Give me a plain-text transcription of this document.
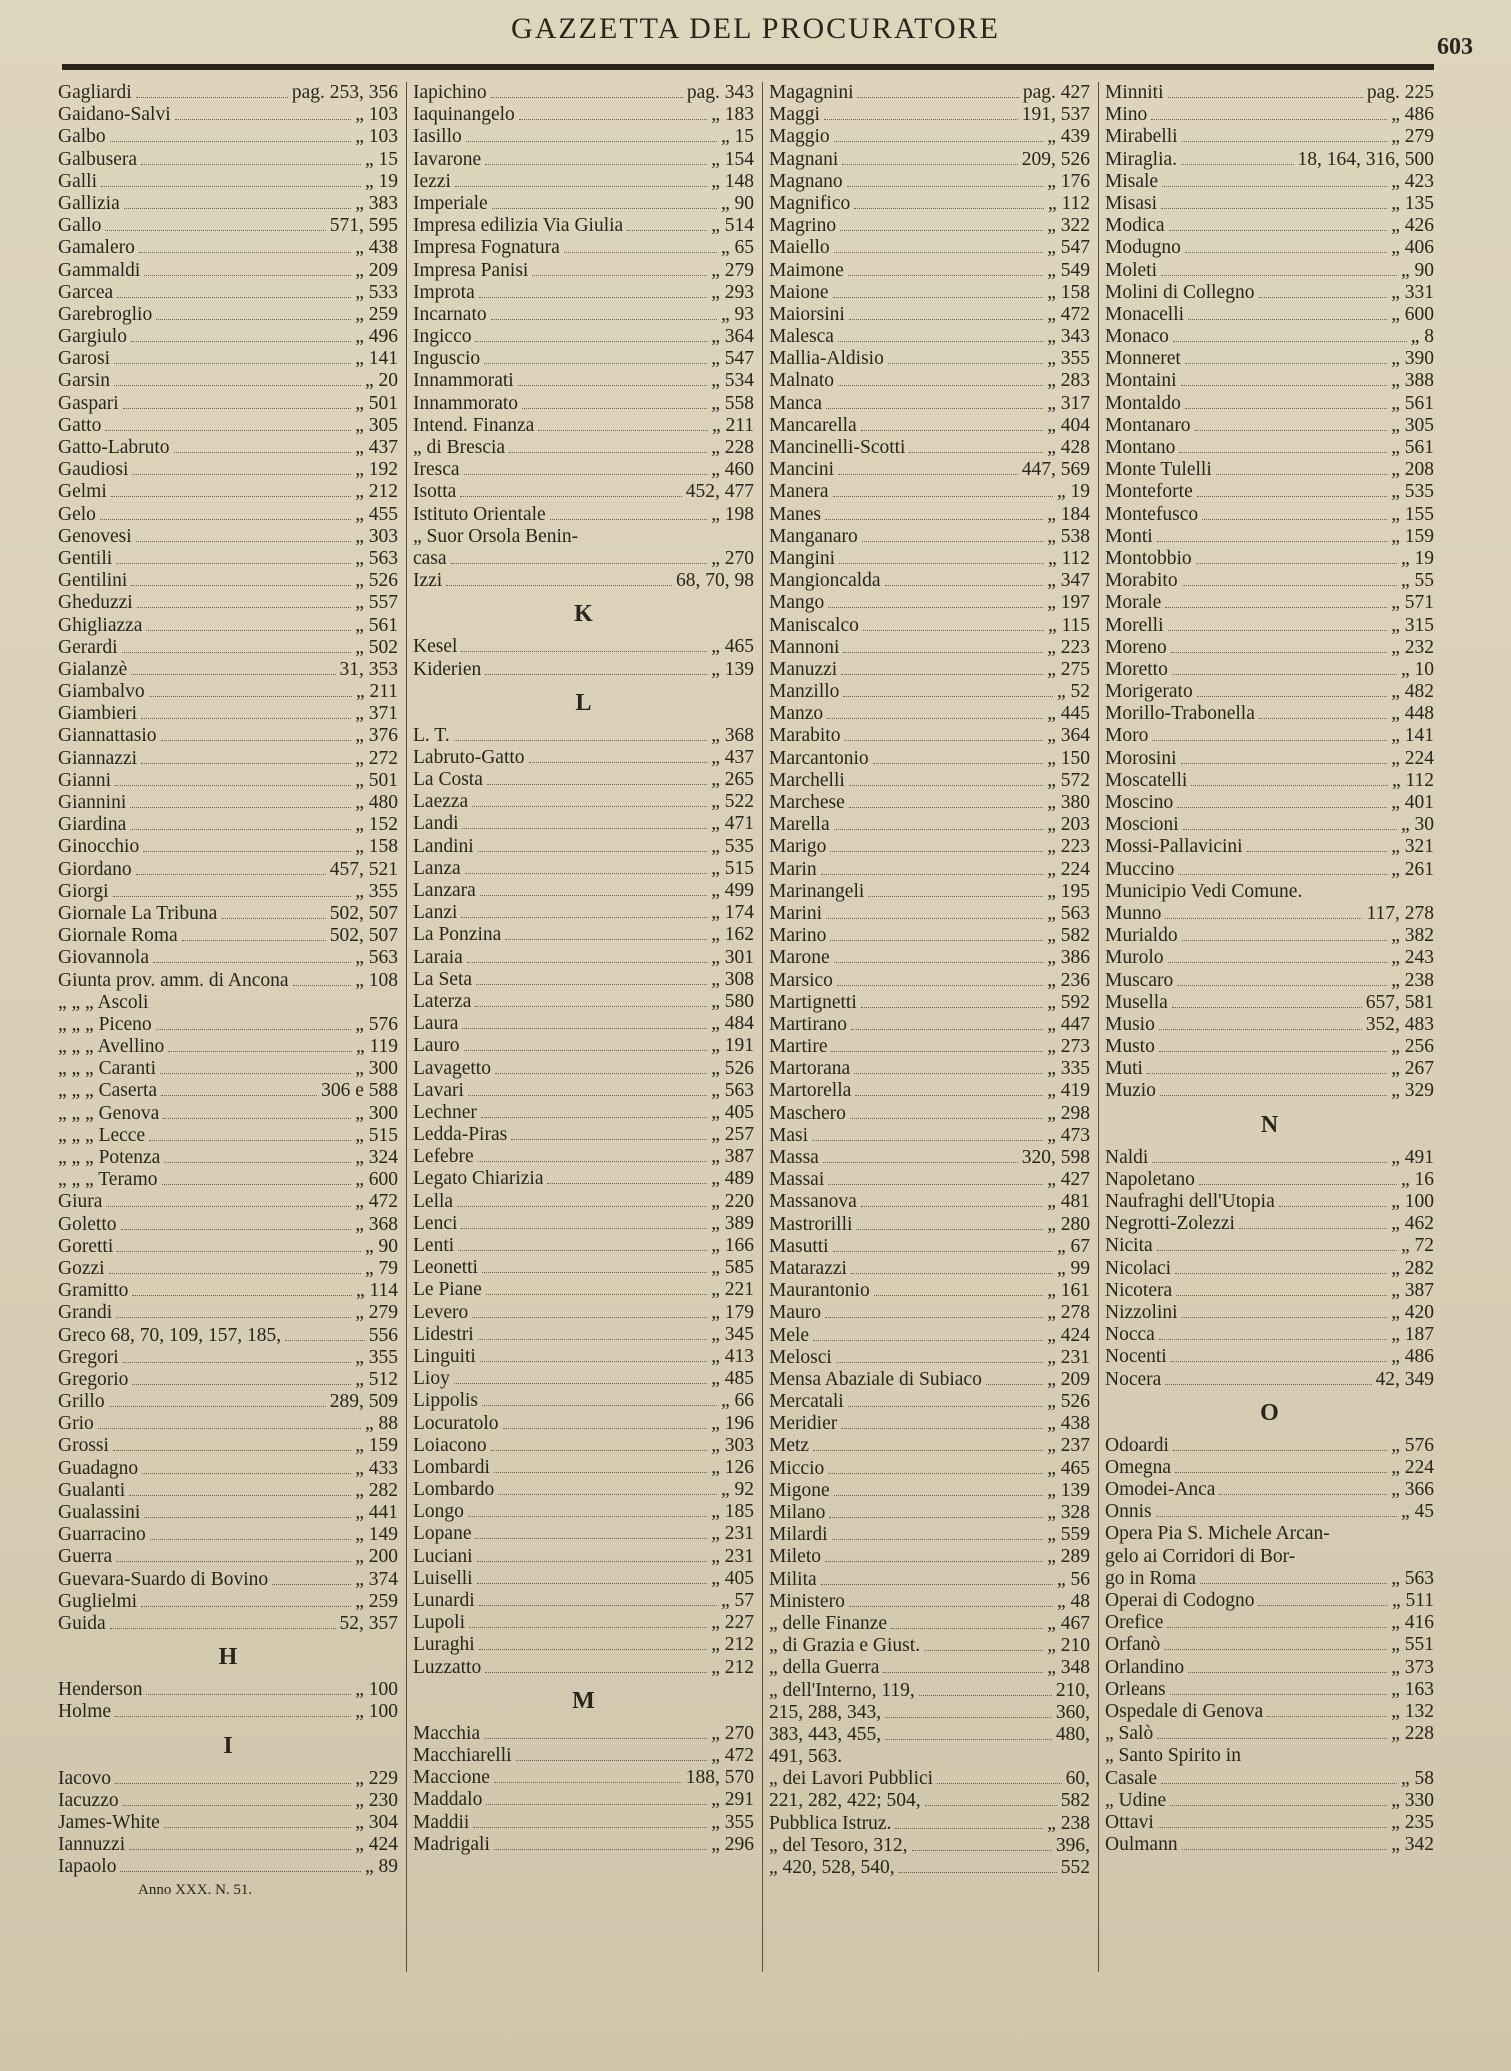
GAZZETTA DEL PROCURATORE
603
Gagliardi	pag. 253, 356
Gaidano-Salvi	„ 103
Galbo	„ 103
Galbusera	„ 15
Galli	„ 19
Gallizia	„ 383
Gallo	571, 595
Gamalero	„ 438
Gammaldi	„ 209
Garcea	„ 533
Garebroglio	„ 259
Gargiulo	„ 496
Garosi	„ 141
Garsin	„ 20
Gaspari	„ 501
Gatto	„ 305
Gatto-Labruto	„ 437
Gaudiosi	„ 192
Gelmi	„ 212
Gelo	„ 455
Genovesi	„ 303
Gentili	„ 563
Gentilini	„ 526
Gheduzzi	„ 557
Ghigliazza	„ 561
Gerardi	„ 502
Gialanzè	31, 353
Giambalvo	„ 211
Giambieri	„ 371
Giannattasio	„ 376
Giannazzi	„ 272
Gianni	„ 501
Giannini	„ 480
Giardina	„ 152
Ginocchio	„ 158
Giordano	457, 521
Giorgi	„ 355
Giornale La Tribuna	502, 507
Giornale Roma	502, 507
Giovannola	„ 563
Giunta prov. amm. di Ancona	„ 108
„ „ „ Ascoli
„ „ „ Piceno	„ 576
„ „ „ Avellino	„ 119
„ „ „ Caranti	„ 300
„ „ „ Caserta	306 e 588
„ „ „ Genova	„ 300
„ „ „ Lecce	„ 515
„ „ „ Potenza	„ 324
„ „ „ Teramo	„ 600
Giura	„ 472
Goletto	„ 368
Goretti	„ 90
Gozzi	„ 79
Gramitto	„ 114
Grandi	„ 279
Greco 68, 70, 109, 157, 185,	556
Gregori	„ 355
Gregorio	„ 512
Grillo	289, 509
Grio	„ 88
Grossi	„ 159
Guadagno	„ 433
Gualanti	„ 282
Gualassini	„ 441
Guarracino	„ 149
Guerra	„ 200
Guevara-Suardo di Bovino	„ 374
Guglielmi	„ 259
Guida	52, 357
H
Henderson	„ 100
Holme	„ 100
I
Iacovo	„ 229
Iacuzzo	„ 230
James-White	„ 304
Iannuzzi	„ 424
Iapaolo	„ 89
Anno XXX. N. 51.
Iapichino	pag. 343
Iaquinangelo	„ 183
Iasillo	„ 15
Iavarone	„ 154
Iezzi	„ 148
Imperiale	„ 90
Impresa edilizia Via Giulia	„ 514
Impresa Fognatura	„ 65
Impresa Panisi	„ 279
Improta	„ 293
Incarnato	„ 93
Ingicco	„ 364
Inguscio	„ 547
Innammorati	„ 534
Innammorato	„ 558
Intend. Finanza	„ 211
„ di Brescia	„ 228
Iresca	„ 460
Isotta	452, 477
Istituto Orientale	„ 198
„ Suor Orsola Benin-
casa	„ 270
Izzi	68, 70, 98
K
Kesel	„ 465
Kiderien	„ 139
L
L. T.	„ 368
Labruto-Gatto	„ 437
La Costa	„ 265
Laezza	„ 522
Landi	„ 471
Landini	„ 535
Lanza	„ 515
Lanzara	„ 499
Lanzi	„ 174
La Ponzina	„ 162
Laraia	„ 301
La Seta	„ 308
Laterza	„ 580
Laura	„ 484
Lauro	„ 191
Lavagetto	„ 526
Lavari	„ 563
Lechner	„ 405
Ledda-Piras	„ 257
Lefebre	„ 387
Legato Chiarizia	„ 489
Lella	„ 220
Lenci	„ 389
Lenti	„ 166
Leonetti	„ 585
Le Piane	„ 221
Levero	„ 179
Lidestri	„ 345
Linguiti	„ 413
Lioy	„ 485
Lippolis	„ 66
Locuratolo	„ 196
Loiacono	„ 303
Lombardi	„ 126
Lombardo	„ 92
Longo	„ 185
Lopane	„ 231
Luciani	„ 231
Luiselli	„ 405
Lunardi	„ 57
Lupoli	„ 227
Luraghi	„ 212
Luzzatto	„ 212
M
Macchia	„ 270
Macchiarelli	„ 472
Maccione	188, 570
Maddalo	„ 291
Maddii	„ 355
Madrigali	„ 296
Magagnini	pag. 427
Maggi	191, 537
Maggio	„ 439
Magnani	209, 526
Magnano	„ 176
Magnifico	„ 112
Magrino	„ 322
Maiello	„ 547
Maimone	„ 549
Maione	„ 158
Maiorsini	„ 472
Malesca	„ 343
Mallia-Aldisio	„ 355
Malnato	„ 283
Manca	„ 317
Mancarella	„ 404
Mancinelli-Scotti	„ 428
Mancini	447, 569
Manera	„ 19
Manes	„ 184
Manganaro	„ 538
Mangini	„ 112
Mangioncalda	„ 347
Mango	„ 197
Maniscalco	„ 115
Mannoni	„ 223
Manuzzi	„ 275
Manzillo	„ 52
Manzo	„ 445
Marabito	„ 364
Marcantonio	„ 150
Marchelli	„ 572
Marchese	„ 380
Marella	„ 203
Marigo	„ 223
Marin	„ 224
Marinangeli	„ 195
Marini	„ 563
Marino	„ 582
Marone	„ 386
Marsico	„ 236
Martignetti	„ 592
Martirano	„ 447
Martire	„ 273
Martorana	„ 335
Martorella	„ 419
Maschero	„ 298
Masi	„ 473
Massa	320, 598
Massai	„ 427
Massanova	„ 481
Mastrorilli	„ 280
Masutti	„ 67
Matarazzi	„ 99
Maurantonio	„ 161
Mauro	„ 278
Mele	„ 424
Melosci	„ 231
Mensa Abaziale di Subiaco	„ 209
Mercatali	„ 526
Meridier	„ 438
Metz	„ 237
Miccio	„ 465
Migone	„ 139
Milano	„ 328
Milardi	„ 559
Mileto	„ 289
Milita	„ 56
Ministero	„ 48
„ delle Finanze	„ 467
„ di Grazia e Giust.	„ 210
„ della Guerra	„ 348
„ dell'Interno, 119,	210,
215, 288, 343,	360,
383, 443, 455,	480,
491, 563.
„ dei Lavori Pubblici	60,
221, 282, 422; 504,	582
Pubblica Istruz.	„ 238
„ del Tesoro, 312,	396,
„ 420, 528, 540,	552
Minniti	pag. 225
Mino	„ 486
Mirabelli	„ 279
Miraglia.	18, 164, 316, 500
Misale	„ 423
Misasi	„ 135
Modica	„ 426
Modugno	„ 406
Moleti	„ 90
Molini di Collegno	„ 331
Monacelli	„ 600
Monaco	„ 8
Monneret	„ 390
Montaini	„ 388
Montaldo	„ 561
Montanaro	„ 305
Montano	„ 561
Monte Tulelli	„ 208
Monteforte	„ 535
Montefusco	„ 155
Monti	„ 159
Montobbio	„ 19
Morabito	„ 55
Morale	„ 571
Morelli	„ 315
Moreno	„ 232
Moretto	„ 10
Morigerato	„ 482
Morillo-Trabonella	„ 448
Moro	„ 141
Morosini	„ 224
Moscatelli	„ 112
Moscino	„ 401
Moscioni	„ 30
Mossi-Pallavicini	„ 321
Muccino	„ 261
Municipio Vedi Comune.
Munno	117, 278
Murialdo	„ 382
Murolo	„ 243
Muscaro	„ 238
Musella	657, 581
Musio	352, 483
Musto	„ 256
Muti	„ 267
Muzio	„ 329
N
Naldi	„ 491
Napoletano	„ 16
Naufraghi dell'Utopia	„ 100
Negrotti-Zolezzi	„ 462
Nicita	„ 72
Nicolaci	„ 282
Nicotera	„ 387
Nizzolini	„ 420
Nocca	„ 187
Nocenti	„ 486
Nocera	42, 349
O
Odoardi	„ 576
Omegna	„ 224
Omodei-Anca	„ 366
Onnis	„ 45
Opera Pia S. Michele Arcan-
gelo ai Corridori di Bor-
go in Roma	„ 563
Operai di Codogno	„ 511
Orefice	„ 416
Orfanò	„ 551
Orlandino	„ 373
Orleans	„ 163
Ospedale di Genova	„ 132
„ Salò	„ 228
„ Santo Spirito in
Casale	„ 58
„ Udine	„ 330
Ottavi	„ 235
Oulmann	„ 342
